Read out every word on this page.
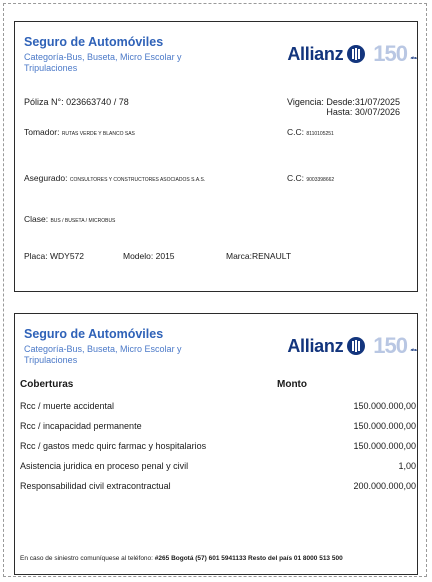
Seguro de Automóviles
Categoría-Bus, Buseta, Micro Escolar y Tripulaciones
Allianz 150 años
Póliza N°: 023663740 / 78	Vigencia: Desde:31/07/2025
Hasta: 30/07/2026
Tomador: RUTAS VERDE Y BLANCO SAS	C.C: 8110105251
Asegurado: CONSULTORES Y CONSTRUCTORES ASOCIADOS S.A.S.	C.C: 9003398662
Clase: BUS / BUSETA / MICROBUS
Placa: WDY572	Modelo: 2015	Marca:RENAULT
Seguro de Automóviles
Categoría-Bus, Buseta, Micro Escolar y Tripulaciones
Allianz 150 años
Coberturas	Monto
Rcc / muerte accidental	150.000.000,00
Rcc / incapacidad permanente	150.000.000,00
Rcc / gastos medc quirc farmac y hospitalarios	150.000.000,00
Asistencia juridica en proceso penal y civil	1,00
Responsabilidad civil extracontractual	200.000.000,00
En caso de siniestro comuníquese al teléfono: #265 Bogotá (57) 601 5941133 Resto del país 01 8000 513 500
